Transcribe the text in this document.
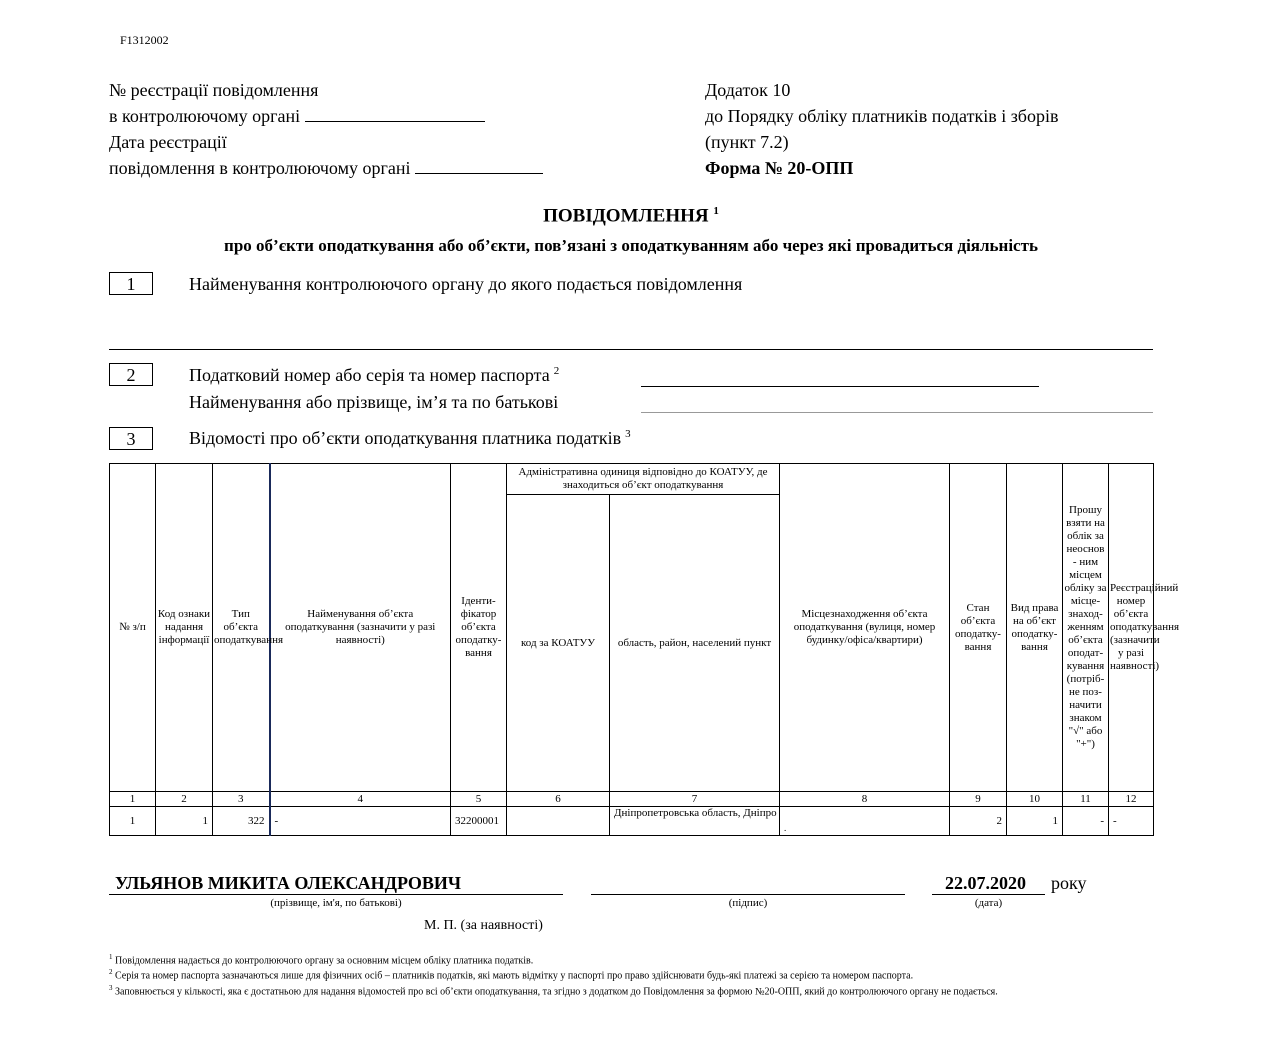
F1312002
№ реєстрації повідомлення
в контролюючому органі
Дата реєстрації
повідомлення в контролюючому органі
Додаток 10
до Порядку обліку платників податків і зборів
(пункт 7.2)
Форма № 20-ОПП
ПОВІДОМЛЕННЯ $^1$
про об’єкти оподаткування або об’єкти, пов’язані з оподаткуванням або через які провадиться діяльність
1	Найменування контролюючого органу до якого подається повідомлення
2	Податковий номер або серія та номер паспорта $^2$
Найменування або прізвище, ім’я та по батькові
3	Відомості про об’єкти оподаткування платника податків $^3$
№ з/п	Код ознаки надання інформації	Тип об’єкта оподаткування	Найменування об’єкта оподаткування (зазначити у разі наявності)	Іденти-фікатор об’єкта оподатку-вання	Адміністративна одиниця відповідно до КОАТУУ, де знаходиться об’єкт оподаткування		Місцезнаходження об’єкта оподаткування (вулиця, номер будинку/офіса/квартири)	Стан об’єкта оподатку-вання	Вид права на об’єкт оподатку-вання	Прошу взяти на облік за неоснов - ним місцем обліку за місце-знаход-женням об’єкта оподат-кування (потріб-не поз-начити знаком "√" або "+")	Реєстраційний номер об’єкта оподаткування (зазначити у разі наявності)
					код за КОАТУУ	область, район, населений пункт					
1	2	3	4	5	6	7	8	9	10	11	12
1	1	322	-	32200001		Дніпропетровська область, Дніпро	.	2	1	-	-
УЛЬЯНОВ МИКИТА ОЛЕКСАНДРОВИЧ
(прізвище, ім'я, по батькові)	(підпис)
22.07.2020
(дата)
року
М. П. (за наявності)
$^1$ Повідомлення надається до контролюючого органу за основним місцем обліку платника податків.
$^2$ Серія та номер паспорта зазначаються лише для фізичних осіб – платників податків, які мають відмітку у паспорті про право здійснювати будь-які платежі за серією та номером паспорта.
$^3$ Заповнюється у кількості, яка є достатньою для надання відомостей про всі об’єкти оподаткування, та згідно з додатком до Повідомлення за формою №20-ОПП, який до контролюючого органу не подається.
